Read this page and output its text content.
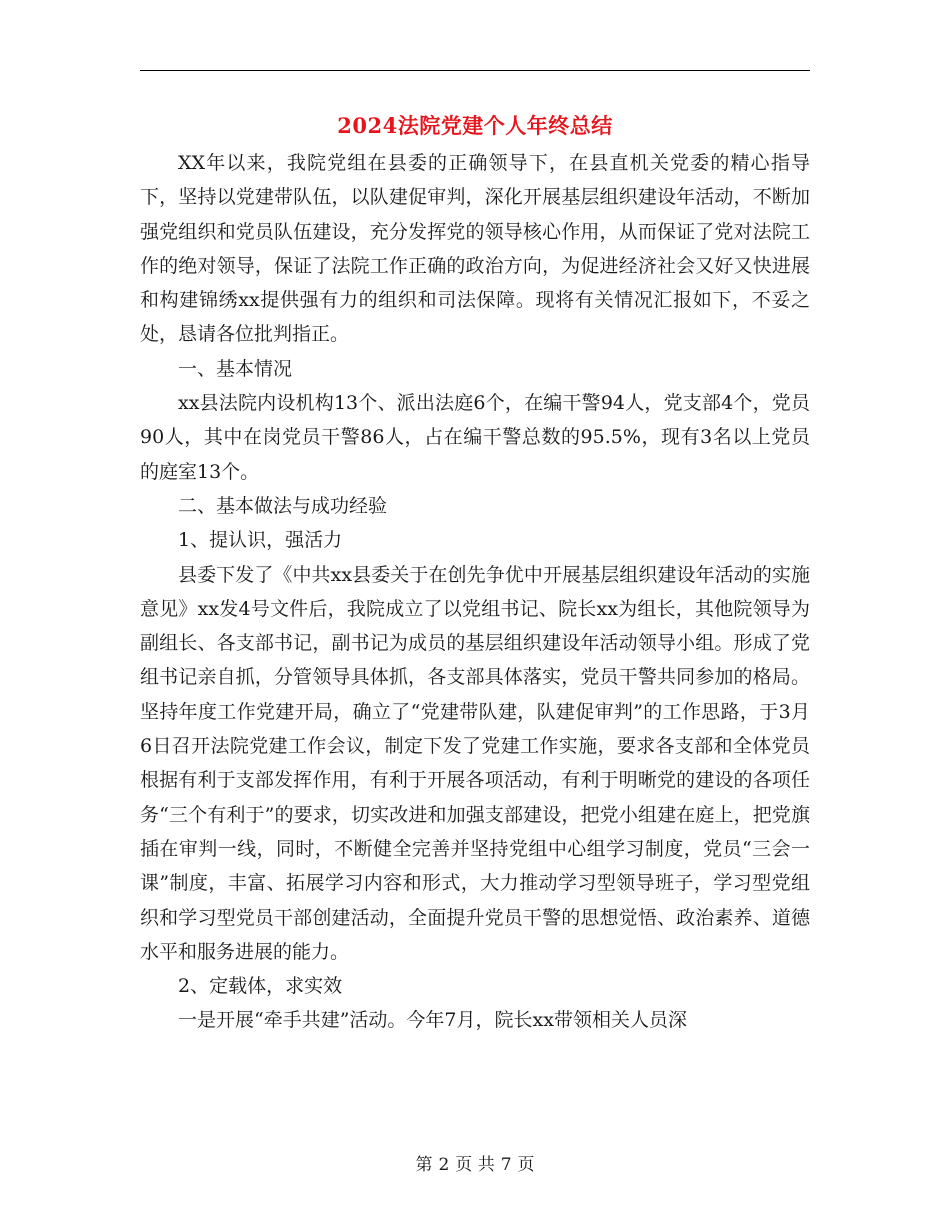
2024法院党建个人年终总结

XX年以来，我院党组在县委的正确领导下，在县直机关党委的精心指导下，坚持以党建带队伍，以队建促审判，深化开展基层组织建设年活动，不断加强党组织和党员队伍建设，充分发挥党的领导核心作用，从而保证了党对法院工作的绝对领导，保证了法院工作正确的政治方向，为促进经济社会又好又快进展和构建锦绣xx提供强有力的组织和司法保障。现将有关情况汇报如下，不妥之处，恳请各位批判指正。

一、基本情况

xx县法院内设机构13个、派出法庭6个，在编干警94人，党支部4个，党员90人，其中在岗党员干警86人，占在编干警总数的95.5%，现有3名以上党员的庭室13个。

二、基本做法与成功经验

1、提认识，强活力

县委下发了《中共xx县委关于在创先争优中开展基层组织建设年活动的实施意见》xx发4号文件后，我院成立了以党组书记、院长xx为组长，其他院领导为副组长、各支部书记，副书记为成员的基层组织建设年活动领导小组。形成了党组书记亲自抓，分管领导具体抓，各支部具体落实，党员干警共同参加的格局。坚持年度工作党建开局，确立了“党建带队建，队建促审判”的工作思路，于3月6日召开法院党建工作会议，制定下发了党建工作实施，要求各支部和全体党员根据有利于支部发挥作用，有利于开展各项活动，有利于明晰党的建设的各项任务“三个有利于”的要求，切实改进和加强支部建设，把党小组建在庭上，把党旗插在审判一线，同时，不断健全完善并坚持党组中心组学习制度，党员“三会一课”制度，丰富、拓展学习内容和形式，大力推动学习型领导班子，学习型党组织和学习型党员干部创建活动，全面提升党员干警的思想觉悟、政治素养、道德水平和服务进展的能力。

2、定载体，求实效

一是开展“牵手共建”活动。今年7月，院长xx带领相关人员深

第 2 页 共 7 页
